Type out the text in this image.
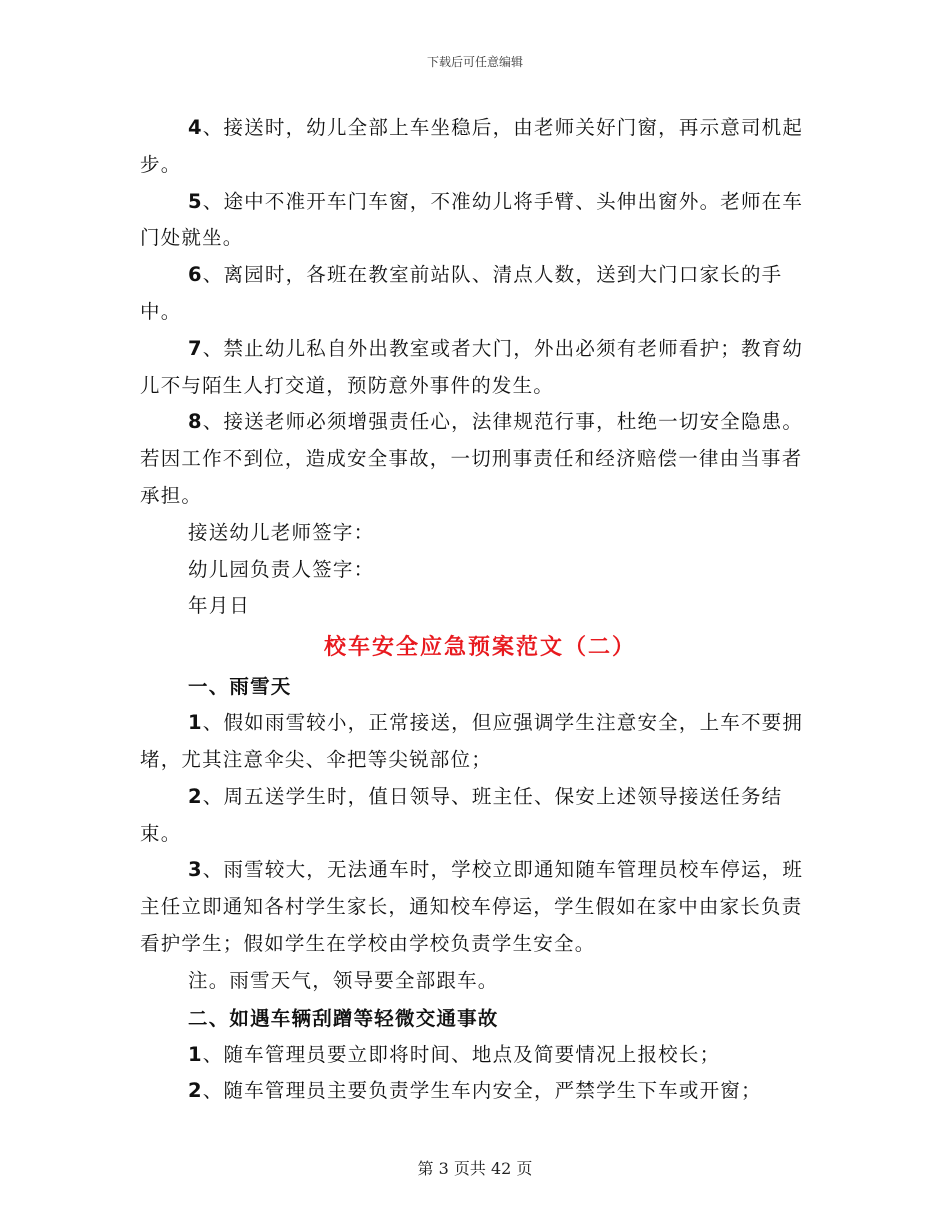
下载后可任意编辑

4、接送时，幼儿全部上车坐稳后，由老师关好门窗，再示意司机起步。

5、途中不准开车门车窗，不准幼儿将手臂、头伸出窗外。老师在车门处就坐。

6、离园时，各班在教室前站队、清点人数，送到大门口家长的手中。

7、禁止幼儿私自外出教室或者大门，外出必须有老师看护；教育幼儿不与陌生人打交道，预防意外事件的发生。

8、接送老师必须增强责任心，法律规范行事，杜绝一切安全隐患。若因工作不到位，造成安全事故，一切刑事责任和经济赔偿一律由当事者承担。

接送幼儿老师签字：

幼儿园负责人签字：

年月日

校车安全应急预案范文（二）

一、雨雪天

1、假如雨雪较小，正常接送，但应强调学生注意安全，上车不要拥堵，尤其注意伞尖、伞把等尖锐部位；

2、周五送学生时，值日领导、班主任、保安上述领导接送任务结束。

3、雨雪较大，无法通车时，学校立即通知随车管理员校车停运，班主任立即通知各村学生家长，通知校车停运，学生假如在家中由家长负责看护学生；假如学生在学校由学校负责学生安全。

注。雨雪天气，领导要全部跟车。

二、如遇车辆刮蹭等轻微交通事故

1、随车管理员要立即将时间、地点及简要情况上报校长；

2、随车管理员主要负责学生车内安全，严禁学生下车或开窗；

第 3 页共 42 页
